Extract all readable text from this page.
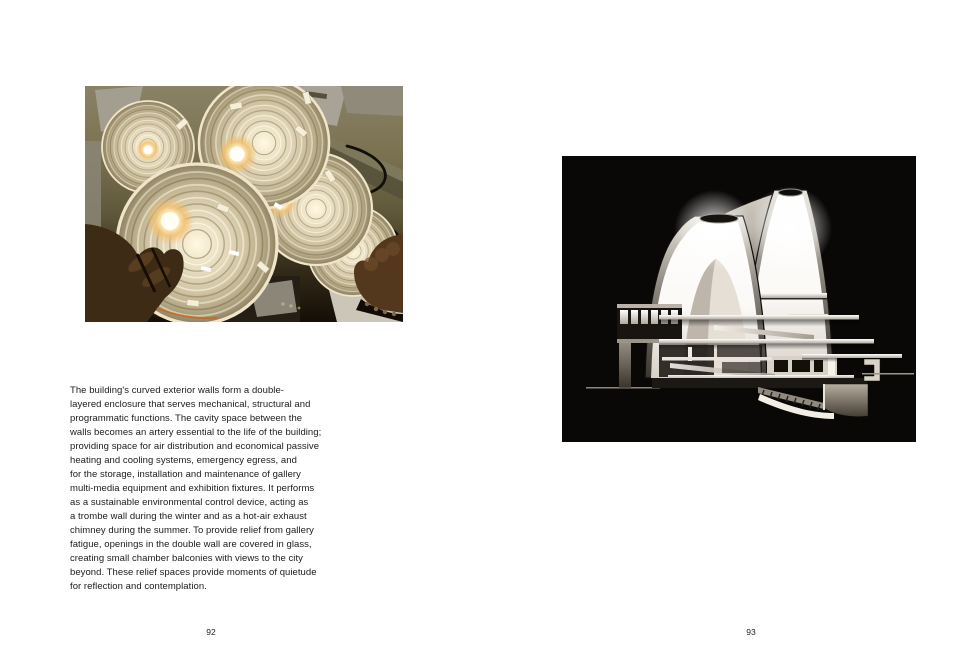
The building's curved exterior walls form a double-
layered enclosure that serves mechanical, structural and
programmatic functions. The cavity space between the
walls becomes an artery essential to the life of the building;
providing space for air distribution and economical passive
heating and cooling systems, emergency egress, and
for the storage, installation and maintenance of gallery
multi-media equipment and exhibition fixtures. It performs
as a sustainable environmental control device, acting as
a trombe wall during the winter and as a hot-air exhaust
chimney during the summer. To provide relief from gallery
fatigue, openings in the double wall are covered in glass,
creating small chamber balconies with views to the city
beyond. These relief spaces provide moments of quietude
for reflection and contemplation.
92	93
